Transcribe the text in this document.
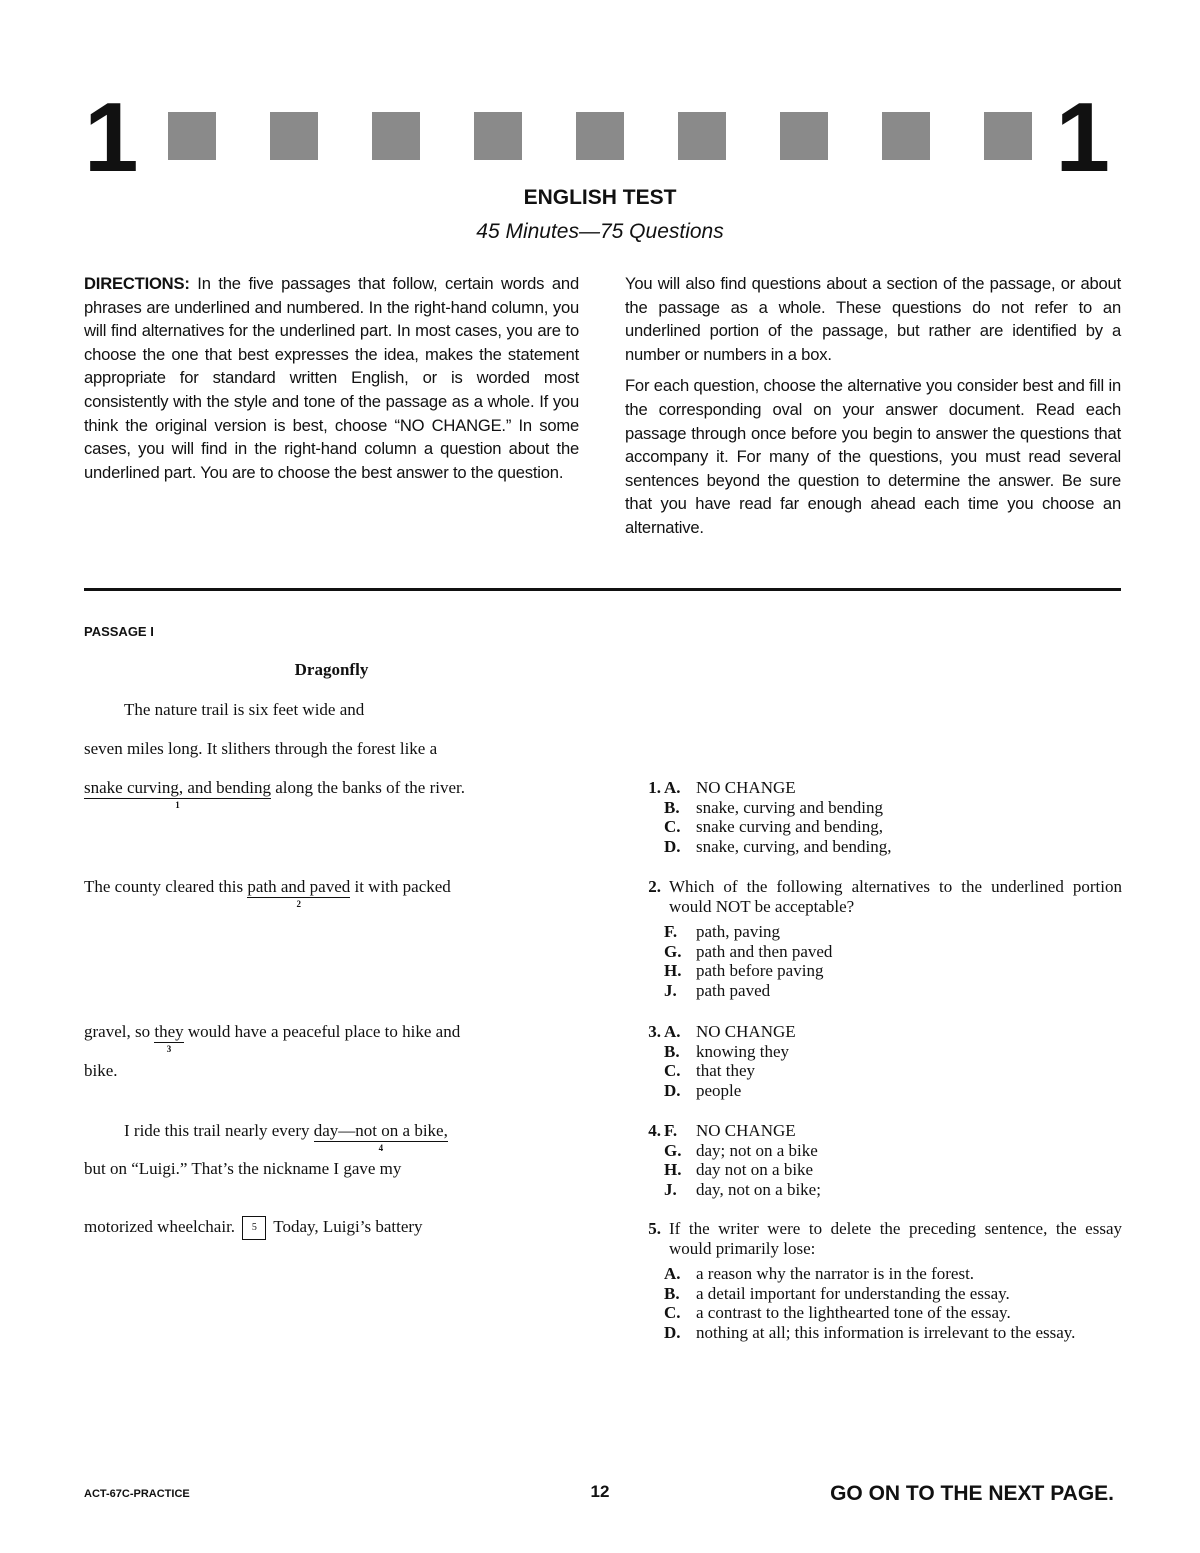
1	1
ENGLISH TEST
45 Minutes—75 Questions
DIRECTIONS: In the five passages that follow, certain words and phrases are underlined and numbered. In the right-hand column, you will find alternatives for the underlined part. In most cases, you are to choose the one that best expresses the idea, makes the statement appropriate for standard written English, or is worded most consistently with the style and tone of the passage as a whole. If you think the original version is best, choose “NO CHANGE.” In some cases, you will find in the right-hand column a question about the underlined part. You are to choose the best answer to the question.

You will also find questions about a section of the passage, or about the passage as a whole. These questions do not refer to an underlined portion of the passage, but rather are identified by a number or numbers in a box.

For each question, choose the alternative you consider best and fill in the corresponding oval on your answer document. Read each passage through once before you begin to answer the questions that accompany it. For many of the questions, you must read several sentences beyond the question to determine the answer. Be sure that you have read far enough ahead each time you choose an alternative.

PASSAGE I
Dragonfly
The nature trail is six feet wide and
seven miles long. It slithers through the forest like a
snake curving, and bending
1
along the banks of the river.
The county cleared this path and paved
2
it with packed
gravel, so they
3
would have a peaceful place to hike and
bike.
I ride this trail nearly every day—not on a bike,
4
but on “Luigi.” That’s the nickname I gave my
motorized wheelchair. 5 Today, Luigi’s battery
1. A. NO CHANGE
B. snake, curving and bending
C. snake curving and bending,
D. snake, curving, and bending,
2. Which of the following alternatives to the underlined portion would NOT be acceptable?
F.	path, paving
G. path and then paved
H. path before paving
J.	path paved
3. A. NO CHANGE
B. knowing they
C. that they
D. people
4. F.	NO CHANGE
G. day; not on a bike
H. day not on a bike
J.	day, not on a bike;
5. If the writer were to delete the preceding sentence, the essay would primarily lose:
A. a reason why the narrator is in the forest.
B. a detail important for understanding the essay.
C. a contrast to the lighthearted tone of the essay.
D. nothing at all; this information is irrelevant to the essay.
ACT-67C-PRACTICE	12	GO ON TO THE NEXT PAGE.
